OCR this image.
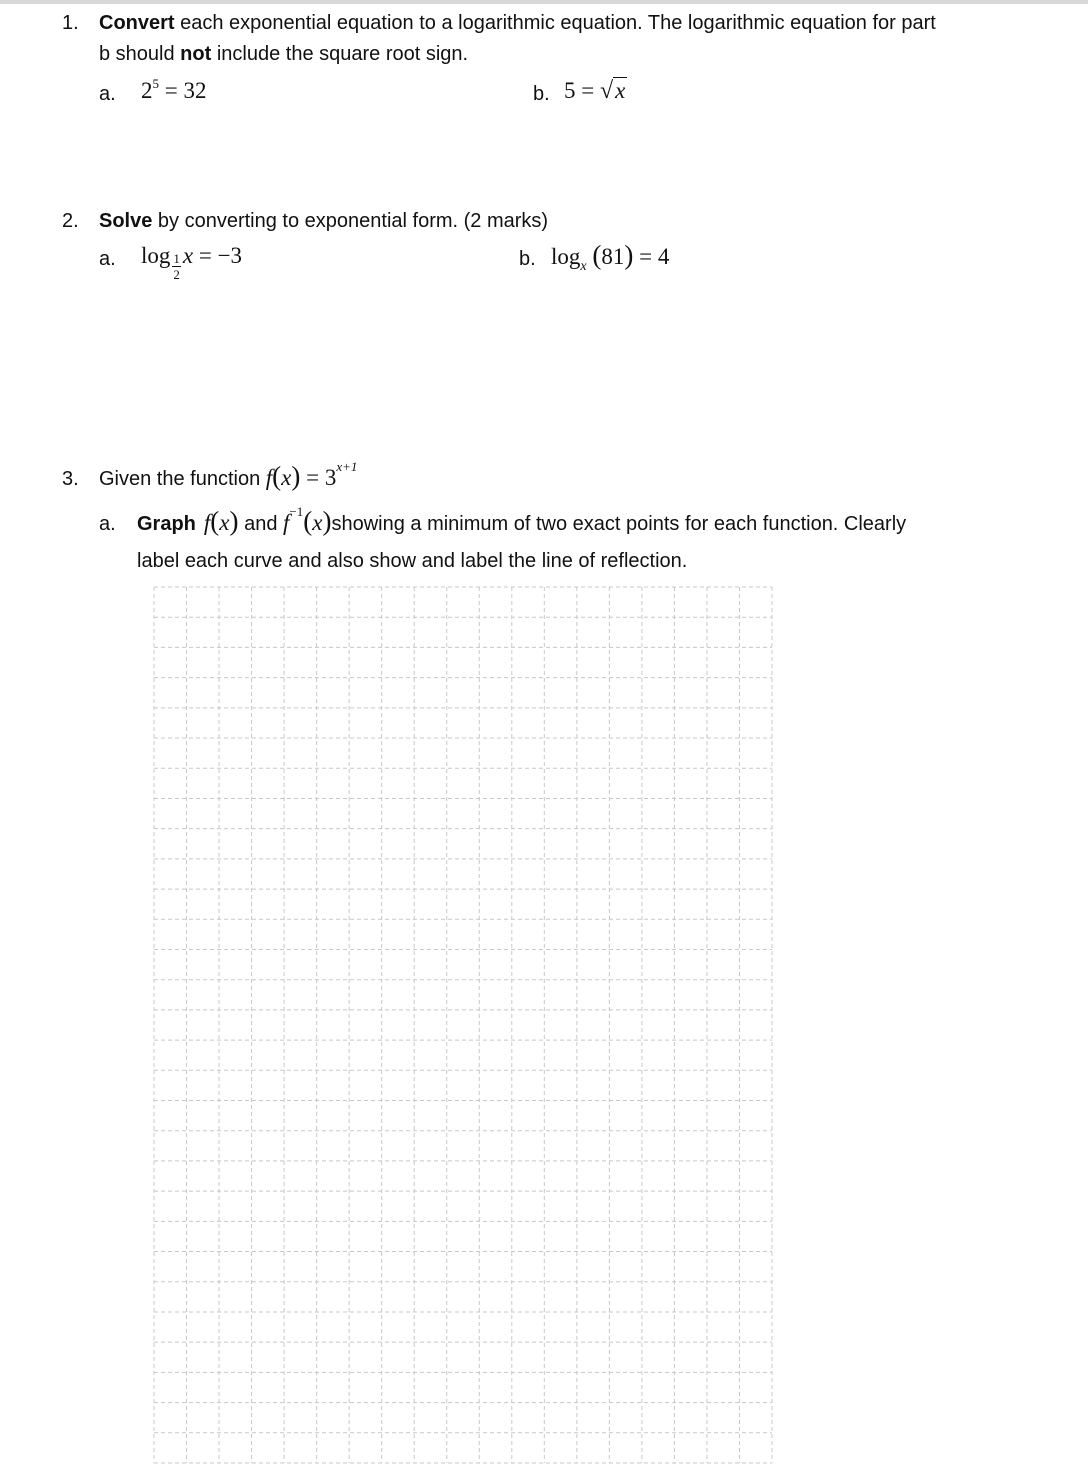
1. Convert each exponential equation to a logarithmic equation. The logarithmic equation for part
b should not include the square root sign.
a. $2^5 = 32$	b. 5 = √x
2. Solve by converting to exponential form. (2 marks)
a. $\log \frac{1}{2}$ x = −3	b. $\log_x (81) = 4$
3. Given the function $f(x) = 3^{x+1}$
a. Graph f(x) and $f^{-1}(x)showing$ a minimum of two exact points for each function. Clearly
label each curve and also show and label the line of reflection.
